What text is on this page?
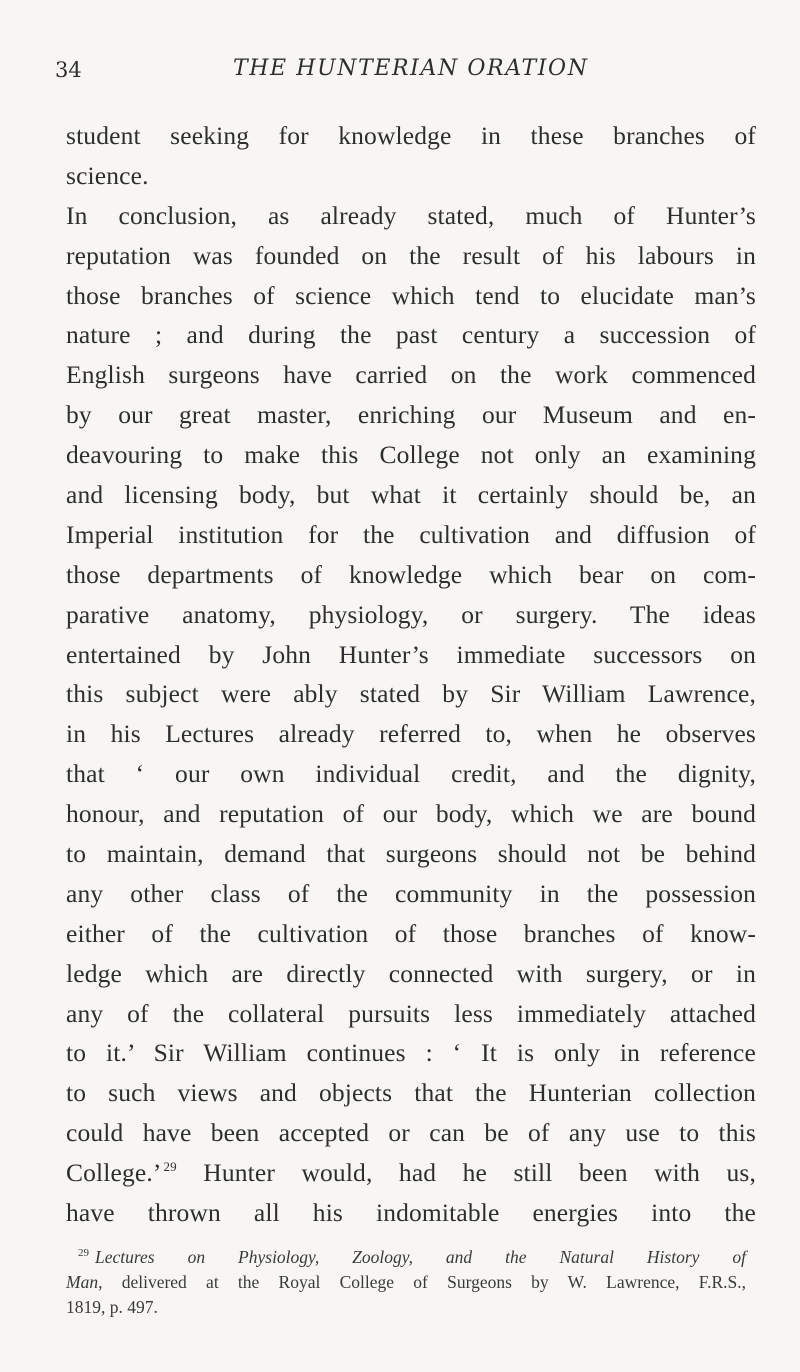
34	THE HUNTERIAN ORATION
student seeking for knowledge in these branches of
science.
In conclusion, as already stated, much of Hunter’s
reputation was founded on the result of his labours in
those branches of science which tend to elucidate man’s
nature ; and during the past century a succession of
English surgeons have carried on the work commenced
by our great master, enriching our Museum and en-
deavouring to make this College not only an examining
and licensing body, but what it certainly should be, an
Imperial institution for the cultivation and diffusion of
those departments of knowledge which bear on com-
parative anatomy, physiology, or surgery. The ideas
entertained by John Hunter’s immediate successors on
this subject were ably stated by Sir William Lawrence,
in his Lectures already referred to, when he observes
that ‘ our own individual credit, and the dignity,
honour, and reputation of our body, which we are bound
to maintain, demand that surgeons should not be behind
any other class of the community in the possession
either of the cultivation of those branches of know-
ledge which are directly connected with surgery, or in
any of the collateral pursuits less immediately attached
to it.’ Sir William continues : ‘ It is only in reference
to such views and objects that the Hunterian collection
could have been accepted or can be of any use to this
College.’ $^{29}$ Hunter would, had he still been with us,
have thrown all his indomitable energies into the
$^{29}$ Lectures on Physiology, Zoology, and the Natural History of
Man, delivered at the Royal College of Surgeons by W. Lawrence, F.R.S.,
1819, p. 497.
